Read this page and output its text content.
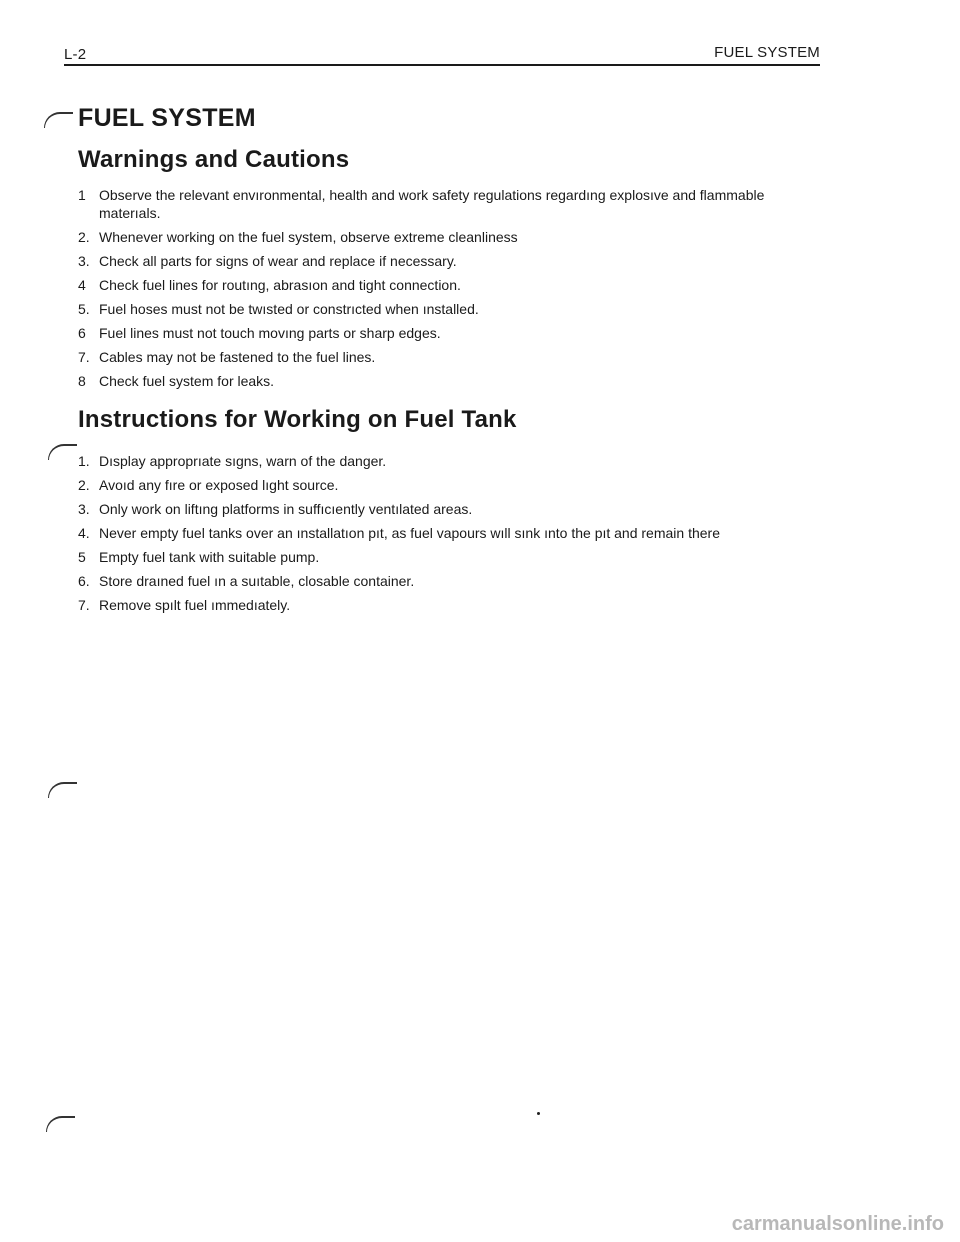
L-2	FUEL SYSTEM
FUEL SYSTEM
Warnings and Cautions
1 Observe the relevant envıronmental, health and work safety regulations regardıng explosıve and flammable materıals.
2. Whenever working on the fuel system, observe extreme cleanliness
3. Check all parts for signs of wear and replace if necessary.
4 Check fuel lines for routıng, abrasıon and tight connection.
5. Fuel hoses must not be twısted or constrıcted when ınstalled.
6 Fuel lines must not touch movıng parts or sharp edges.
7. Cables may not be fastened to the fuel lines.
8 Check fuel system for leaks.
Instructions for Working on Fuel Tank
1. Dısplay approprıate sıgns, warn of the danger.
2. Avoıd any fıre or exposed lıght source.
3. Only work on liftıng platforms in suffıcıently ventılated areas.
4. Never empty fuel tanks over an ınstallatıon pıt, as fuel vapours wıll sınk ınto the pıt and remain there
5 Empty fuel tank with suitable pump.
6. Store draıned fuel ın a suıtable, closable container.
7. Remove spılt fuel ımmedıately.
carmanualsonline.info
